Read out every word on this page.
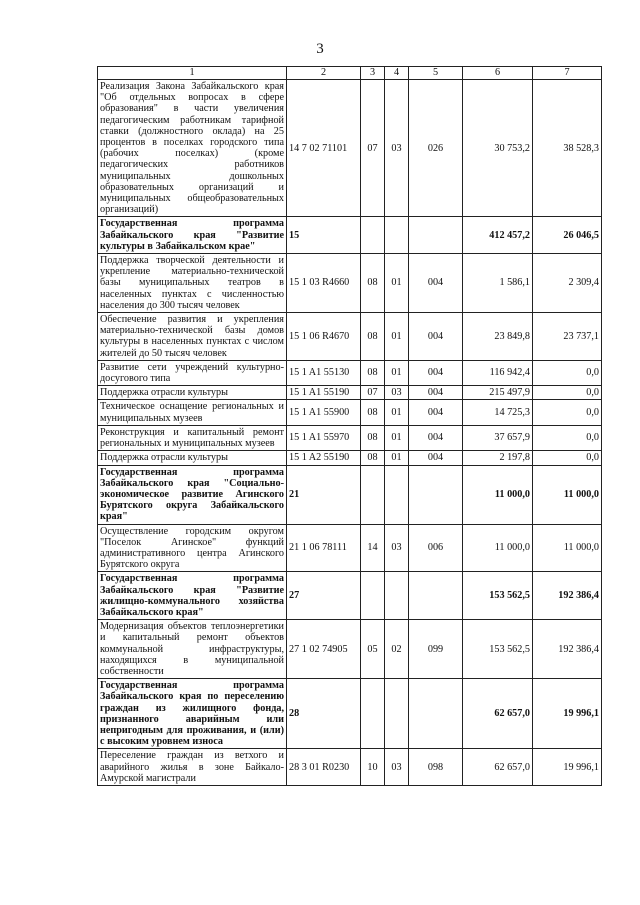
3
1	2	3	4	5	6	7
Реализация Закона Забайкальского края "Об отдельных вопросах в сфере образования" в части увеличения педагогическим работникам тарифной ставки (должностного оклада) на 25 процентов в поселках городского типа (рабочих поселках) (кроме педагогических работников муниципальных дошкольных образовательных организаций и муниципальных общеобразовательных организаций)	14 7 02 71101	07	03	026	30 753,2	38 528,3
Государственная программа Забайкальского края "Развитие культуры в Забайкальском крае"	15				412 457,2	26 046,5
Поддержка творческой деятельности и укрепление материально-технической базы муниципальных театров в населенных пунктах с численностью населения до 300 тысяч человек	15 1 03 R4660	08	01	004	1 586,1	2 309,4
Обеспечение развития и укрепления материально-технической базы домов культуры в населенных пунктах с числом жителей до 50 тысяч человек	15 1 06 R4670	08	01	004	23 849,8	23 737,1
Развитие сети учреждений культурно-досугового типа	15 1 A1 55130	08	01	004	116 942,4	0,0
Поддержка отрасли культуры	15 1 A1 55190	07	03	004	215 497,9	0,0
Техническое оснащение региональных и муниципальных музеев	15 1 A1 55900	08	01	004	14 725,3	0,0
Реконструкция и капитальный ремонт региональных и муниципальных музеев	15 1 A1 55970	08	01	004	37 657,9	0,0
Поддержка отрасли культуры	15 1 A2 55190	08	01	004	2 197,8	0,0
Государственная программа Забайкальского края "Социально-экономическое развитие Агинского Бурятского округа Забайкальского края"	21				11 000,0	11 000,0
Осуществление городским округом "Поселок Агинское" функций административного центра Агинского Бурятского округа	21 1 06 78111	14	03	006	11 000,0	11 000,0
Государственная программа Забайкальского края "Развитие жилищно-коммунального хозяйства Забайкальского края"	27				153 562,5	192 386,4
Модернизация объектов теплоэнергетики и капитальный ремонт объектов коммунальной инфраструктуры, находящихся в муниципальной собственности	27 1 02 74905	05	02	099	153 562,5	192 386,4
Государственная программа Забайкальского края по переселению граждан из жилищного фонда, признанного аварийным или непригодным для проживания, и (или) с высоким уровнем износа	28				62 657,0	19 996,1
Переселение граждан из ветхого и аварийного жилья в зоне Байкало-Амурской магистрали	28 3 01 R0230	10	03	098	62 657,0	19 996,1
